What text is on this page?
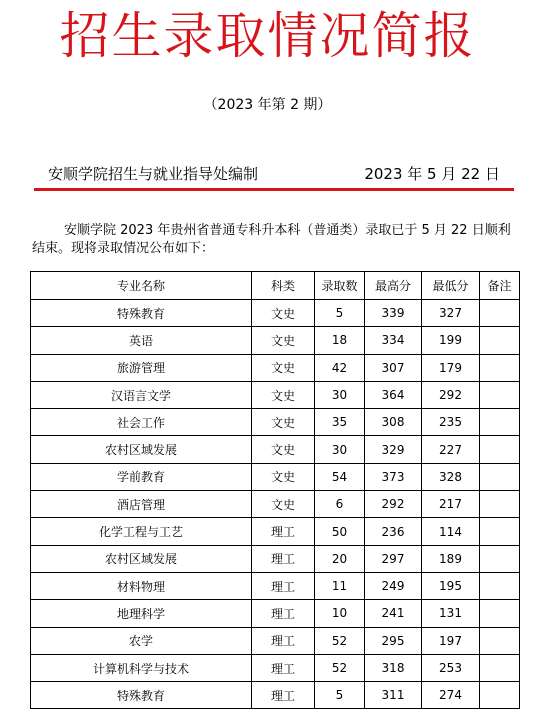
招生录取情况简报
（2023 年第 2 期）
安顺学院招生与就业指导处编制	2023 年 5 月 22 日
安顺学院 2023 年贵州省普通专科升本科（普通类）录取已于 5 月 22 日顺利结束。现将录取情况公布如下：
专业名称	科类	录取数	最高分	最低分	备注
特殊教育	文史	5	339	327	
英语	文史	18	334	199	
旅游管理	文史	42	307	179	
汉语言文学	文史	30	364	292	
社会工作	文史	35	308	235	
农村区域发展	文史	30	329	227	
学前教育	文史	54	373	328	
酒店管理	文史	6	292	217	
化学工程与工艺	理工	50	236	114	
农村区域发展	理工	20	297	189	
材料物理	理工	11	249	195	
地理科学	理工	10	241	131	
农学	理工	52	295	197	
计算机科学与技术	理工	52	318	253	
特殊教育	理工	5	311	274	
